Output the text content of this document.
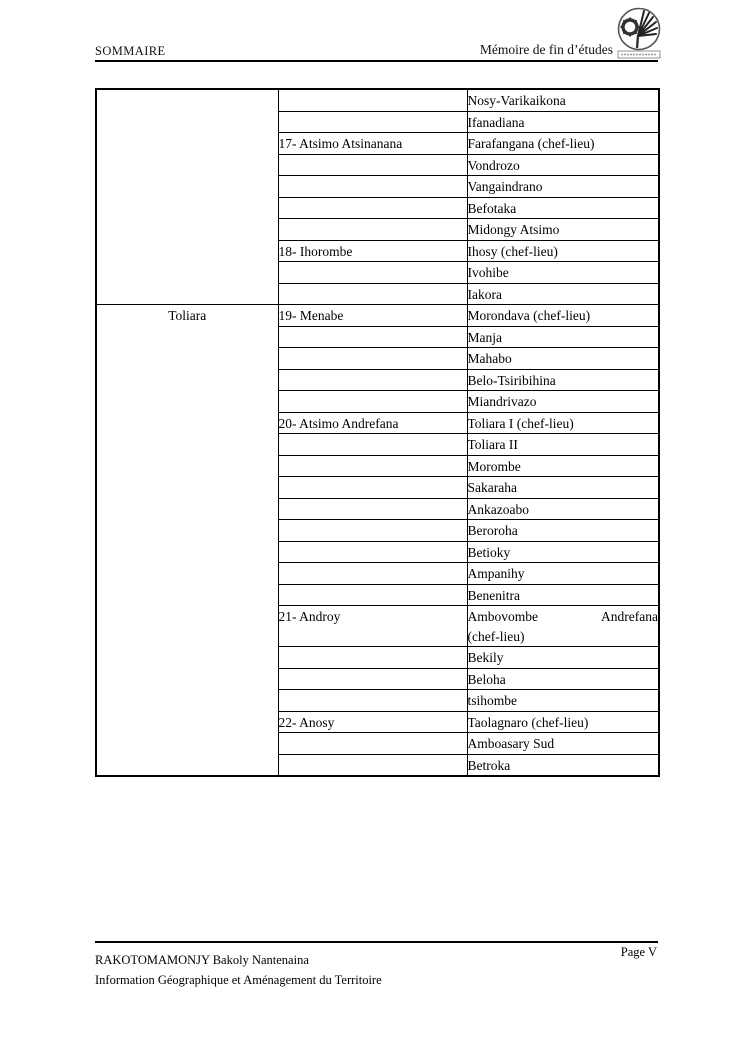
SOMMAIRE	Mémoire de fin d’études
		Nosy-Varikaikona
		Ifanadiana
	17- Atsimo Atsinanana	Farafangana (chef-lieu)
		Vondrozo
		Vangaindrano
		Befotaka
		Midongy Atsimo
	18- Ihorombe	Ihosy (chef-lieu)
		Ivohibe
		Iakora
Toliara	19- Menabe	Morondava (chef-lieu)
		Manja
		Mahabo
		Belo-Tsiribihina
		Miandrivazo
	20- Atsimo Andrefana	Toliara I (chef-lieu)
		Toliara II
		Morombe
		Sakaraha
		Ankazoabo
		Beroroha
		Betioky
		Ampanihy
		Benenitra
	21- Androy	Ambovombe Andrefana
(chef-lieu)

		Bekily
		Beloha
		tsihombe
	22- Anosy	Taolagnaro (chef-lieu)
		Amboasary Sud
		Betroka
Page V
RAKOTOMAMONJY Bakoly Nantenaina
Information Géographique et Aménagement du Territoire
